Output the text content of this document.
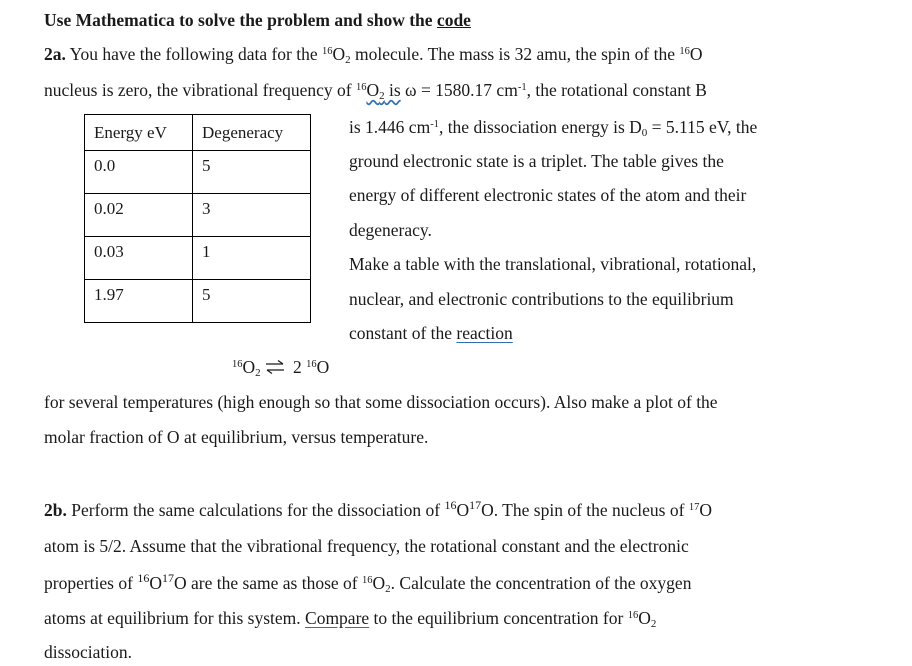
Use Mathematica to solve the problem and show the code
2a. You have the following data for the $^{16}O_2$ molecule. The mass is 32 amu, the spin of the $^{16}$O
nucleus is zero, the vibrational frequency of $^{16}O_2$ is ω = 1580.17 $cm^{-1}$, the rotational constant B
Energy eV	Degeneracy
0.0	5
0.02	3
0.03	1
1.97	5
is 1.446 $cm^{-1}$, the dissociation energy is $D_0 = 5.115$ eV, the
ground electronic state is a triplet. The table gives the
energy of different electronic states of the atom and their
degeneracy.
Make a table with the translational, vibrational, rotational,
nuclear, and electronic contributions to the equilibrium
constant of the reaction
$^{16}O_2$ ⇌ 2 $^{16}$O
for several temperatures (high enough so that some dissociation occurs). Also make a plot of the
molar fraction of O at equilibrium, versus temperature.
2b. Perform the same calculations for the dissociation of $^{16}O^{17}O$. The spin of the nucleus of $^{17}$O
atom is 5/2. Assume that the vibrational frequency, the rotational constant and the electronic
properties of $^{16}O^{17}O$ are the same as those of $^{16}O_2$. Calculate the concentration of the oxygen
atoms at equilibrium for this system. Compare to the equilibrium concentration for $^{16}O_2$
dissociation.
